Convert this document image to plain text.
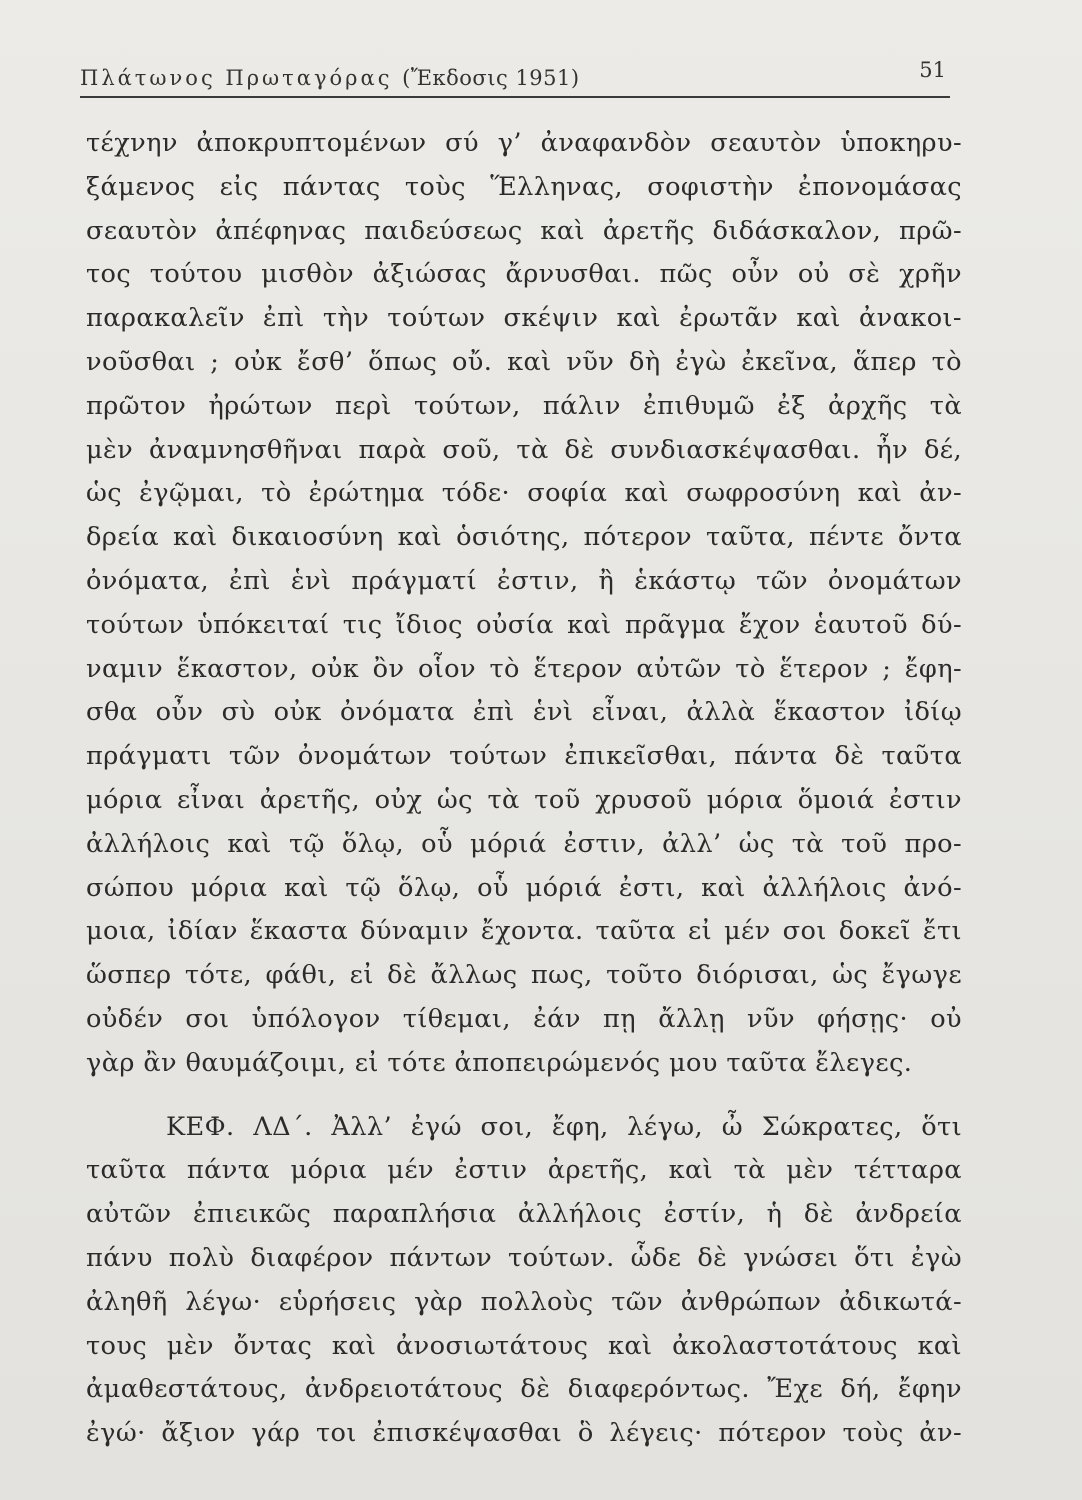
Πλάτωνος Πρωταγόρας (Ἔκδοσις 1951)	51
τέχνην ἀποκρυπτομένων σύ γ’ ἀναφανδὸν σεαυτὸν ὑποκηρυ-
ξάμενος εἰς πάντας τοὺς Ἕλληνας, σοφιστὴν ἐπονομάσας
σεαυτὸν ἀπέφηνας παιδεύσεως καὶ ἀρετῆς διδάσκαλον, πρῶ-
τος τούτου μισθὸν ἀξιώσας ἄρνυσθαι. πῶς οὖν οὐ σὲ χρῆν
παρακαλεῖν ἐπὶ τὴν τούτων σκέψιν καὶ ἐρωτᾶν καὶ ἀνακοι-
νοῦσθαι ; οὐκ ἔσθ’ ὅπως οὔ. καὶ νῦν δὴ ἐγὼ ἐκεῖνα, ἅπερ τὸ
πρῶτον ἠρώτων περὶ τούτων, πάλιν ἐπιθυμῶ ἐξ ἀρχῆς τὰ
μὲν ἀναμνησθῆναι παρὰ σοῦ, τὰ δὲ συνδιασκέψασθαι. ἦν δέ,
ὡς ἐγῷμαι, τὸ ἐρώτημα τόδε· σοφία καὶ σωφροσύνη καὶ ἀν-
δρεία καὶ δικαιοσύνη καὶ ὁσιότης, πότερον ταῦτα, πέντε ὄντα
ὀνόματα, ἐπὶ ἑνὶ πράγματί ἐστιν, ἢ ἑκάστῳ τῶν ὀνομάτων
τούτων ὑπόκειταί τις ἴδιος οὐσία καὶ πρᾶγμα ἔχον ἑαυτοῦ δύ-
ναμιν ἕκαστον, οὐκ ὂν οἷον τὸ ἕτερον αὐτῶν τὸ ἕτερον ; ἔφη-
σθα οὖν σὺ οὐκ ὀνόματα ἐπὶ ἑνὶ εἶναι, ἀλλὰ ἕκαστον ἰδίῳ
πράγματι τῶν ὀνομάτων τούτων ἐπικεῖσθαι, πάντα δὲ ταῦτα
μόρια εἶναι ἀρετῆς, οὐχ ὡς τὰ τοῦ χρυσοῦ μόρια ὅμοιά ἐστιν
ἀλλήλοις καὶ τῷ ὅλῳ, οὗ μόριά ἐστιν, ἀλλ’ ὡς τὰ τοῦ προ-
σώπου μόρια καὶ τῷ ὅλῳ, οὗ μόριά ἐστι, καὶ ἀλλήλοις ἀνό-
μοια, ἰδίαν ἕκαστα δύναμιν ἔχοντα. ταῦτα εἰ μέν σοι δοκεῖ ἔτι
ὥσπερ τότε, φάθι, εἰ δὲ ἄλλως πως, τοῦτο διόρισαι, ὡς ἔγωγε
οὐδέν σοι ὑπόλογον τίθεμαι, ἐάν πῃ ἄλλῃ νῦν φήσῃς· οὐ
γὰρ ἂν θαυμάζοιμι, εἰ τότε ἀποπειρώμενός μου ταῦτα ἔλεγες.
ΚΕΦ. ΛΔ΄. Ἀλλ’ ἐγώ σοι, ἔφη, λέγω, ὦ Σώκρατες, ὅτι
ταῦτα πάντα μόρια μέν ἐστιν ἀρετῆς, καὶ τὰ μὲν τέτταρα
αὐτῶν ἐπιεικῶς παραπλήσια ἀλλήλοις ἐστίν, ἡ δὲ ἀνδρεία
πάνυ πολὺ διαφέρον πάντων τούτων. ὧδε δὲ γνώσει ὅτι ἐγὼ
ἀληθῆ λέγω· εὑρήσεις γὰρ πολλοὺς τῶν ἀνθρώπων ἀδικωτά-
τους μὲν ὄντας καὶ ἀνοσιωτάτους καὶ ἀκολαστοτάτους καὶ
ἀμαθεστάτους, ἀνδρειοτάτους δὲ διαφερόντως. Ἔχε δή, ἔφην
ἐγώ· ἄξιον γάρ τοι ἐπισκέψασθαι ὃ λέγεις· πότερον τοὺς ἀν-
